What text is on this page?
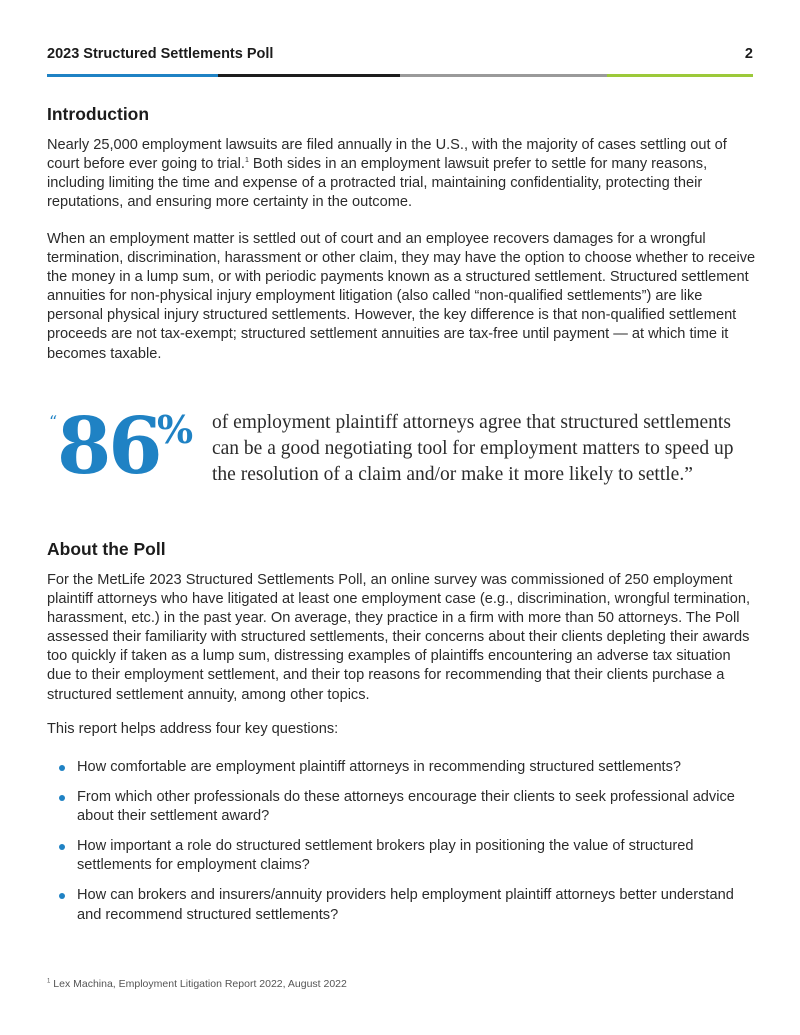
2023 Structured Settlements Poll	2
Introduction

Nearly 25,000 employment lawsuits are filed annually in the U.S., with the majority of cases settling out of court before ever going to trial.$^1$ Both sides in an employment lawsuit prefer to settle for many reasons, including limiting the time and expense of a protracted trial, maintaining confidentiality, protecting their reputations, and ensuring more certainty in the outcome.

When an employment matter is settled out of court and an employee recovers damages for a wrongful termination, discrimination, harassment or other claim, they may have the option to choose whether to receive the money in a lump sum, or with periodic payments known as a structured settlement. Structured settlement annuities for non-physical injury employment litigation (also called “non-qualified settlements”) are like personal physical injury structured settlements. However, the key difference is that non-qualified settlement proceeds are not tax-exempt; structured settlement annuities are tax-free until payment — at which time it becomes taxable.

“ 86
% of employment plaintiff attorneys agree that structured settlements can be a good negotiating tool for employment matters to speed up the resolution of a claim and/or make it more likely to settle.”
About the Poll

For the MetLife 2023 Structured Settlements Poll, an online survey was commissioned of 250 employment plaintiff attorneys who have litigated at least one employment case (e.g., discrimination, wrongful termination, harassment, etc.) in the past year. On average, they practice in a firm with more than 50 attorneys. The Poll assessed their familiarity with structured settlements, their concerns about their clients depleting their awards too quickly if taken as a lump sum, distressing examples of plaintiffs encountering an adverse tax situation due to their employment settlement, and their top reasons for recommending that their clients purchase a structured settlement annuity, among other topics.

This report helps address four key questions:

How comfortable are employment plaintiff attorneys in recommending structured settlements?
From which other professionals do these attorneys encourage their clients to seek professional advice about their settlement award?
How important a role do structured settlement brokers play in positioning the value of structured settlements for employment claims?
How can brokers and insurers/annuity providers help employment plaintiff attorneys better understand and recommend structured settlements?
$^1$ Lex Machina, Employment Litigation Report 2022, August 2022
